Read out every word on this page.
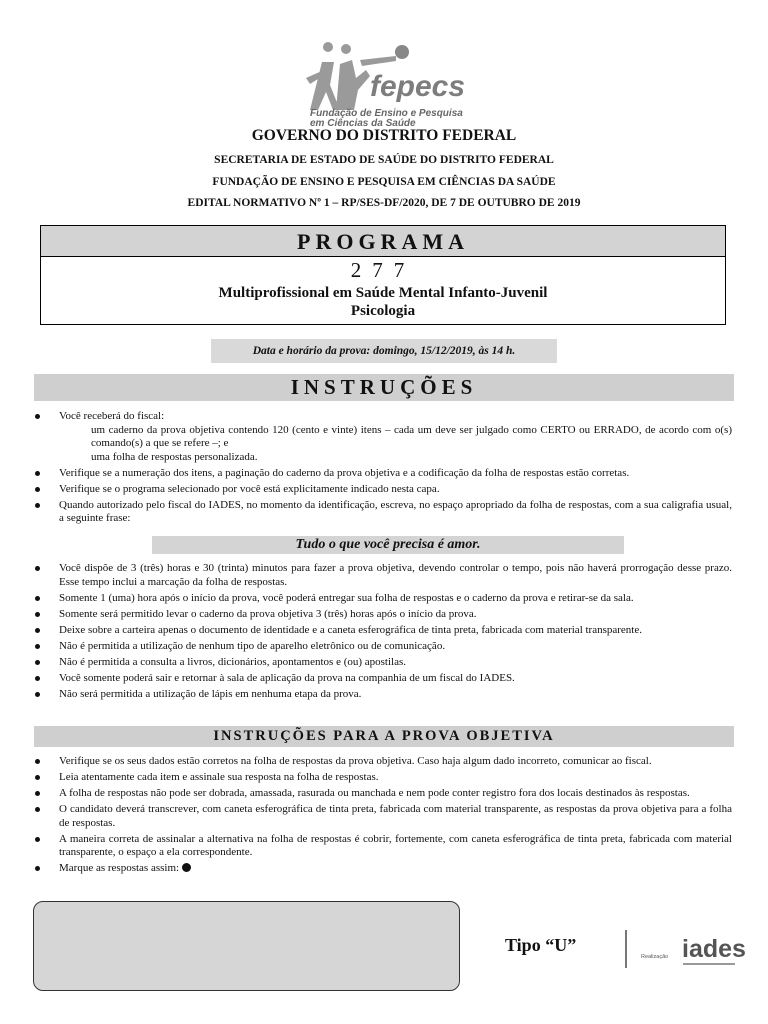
fepecs
Fundação de Ensino e Pesquisa
em Ciências da Saúde
GOVERNO DO DISTRITO FEDERAL
SECRETARIA DE ESTADO DE SAÚDE DO DISTRITO FEDERAL
FUNDAÇÃO DE ENSINO E PESQUISA EM CIÊNCIAS DA SAÚDE
EDITAL NORMATIVO Nº 1 – RP/SES-DF/2020, DE 7 DE OUTUBRO DE 2019
PROGRAMA
277
Multiprofissional em Saúde Mental Infanto-Juvenil
Psicologia
Data e horário da prova: domingo, 15/12/2019, às 14 h.
INSTRUÇÕES
Você receberá do fiscal:
um caderno da prova objetiva contendo 120 (cento e vinte) itens – cada um deve ser julgado como CERTO ou ERRADO, de acordo com o(s) comando(s) a que se refere –; e
uma folha de respostas personalizada.
Verifique se a numeração dos itens, a paginação do caderno da prova objetiva e a codificação da folha de respostas estão corretas.
Verifique se o programa selecionado por você está explicitamente indicado nesta capa.
Quando autorizado pelo fiscal do IADES, no momento da identificação, escreva, no espaço apropriado da folha de respostas, com a sua caligrafia usual, a seguinte frase:
Tudo o que você precisa é amor.
Você dispõe de 3 (três) horas e 30 (trinta) minutos para fazer a prova objetiva, devendo controlar o tempo, pois não haverá prorrogação desse prazo. Esse tempo inclui a marcação da folha de respostas.
Somente 1 (uma) hora após o início da prova, você poderá entregar sua folha de respostas e o caderno da prova e retirar-se da sala.
Somente será permitido levar o caderno da prova objetiva 3 (três) horas após o início da prova.
Deixe sobre a carteira apenas o documento de identidade e a caneta esferográfica de tinta preta, fabricada com material transparente.
Não é permitida a utilização de nenhum tipo de aparelho eletrônico ou de comunicação.
Não é permitida a consulta a livros, dicionários, apontamentos e (ou) apostilas.
Você somente poderá sair e retornar à sala de aplicação da prova na companhia de um fiscal do IADES.
Não será permitida a utilização de lápis em nenhuma etapa da prova.
INSTRUÇÕES PARA A PROVA OBJETIVA
Verifique se os seus dados estão corretos na folha de respostas da prova objetiva. Caso haja algum dado incorreto, comunicar ao fiscal.
Leia atentamente cada item e assinale sua resposta na folha de respostas.
A folha de respostas não pode ser dobrada, amassada, rasurada ou manchada e nem pode conter registro fora dos locais destinados às respostas.
O candidato deverá transcrever, com caneta esferográfica de tinta preta, fabricada com material transparente, as respostas da prova objetiva para a folha de respostas.
A maneira correta de assinalar a alternativa na folha de respostas é cobrir, fortemente, com caneta esferográfica de tinta preta, fabricada com material transparente, o espaço a ela correspondente.
Marque as respostas assim:
Tipo “U”
Realização iades
